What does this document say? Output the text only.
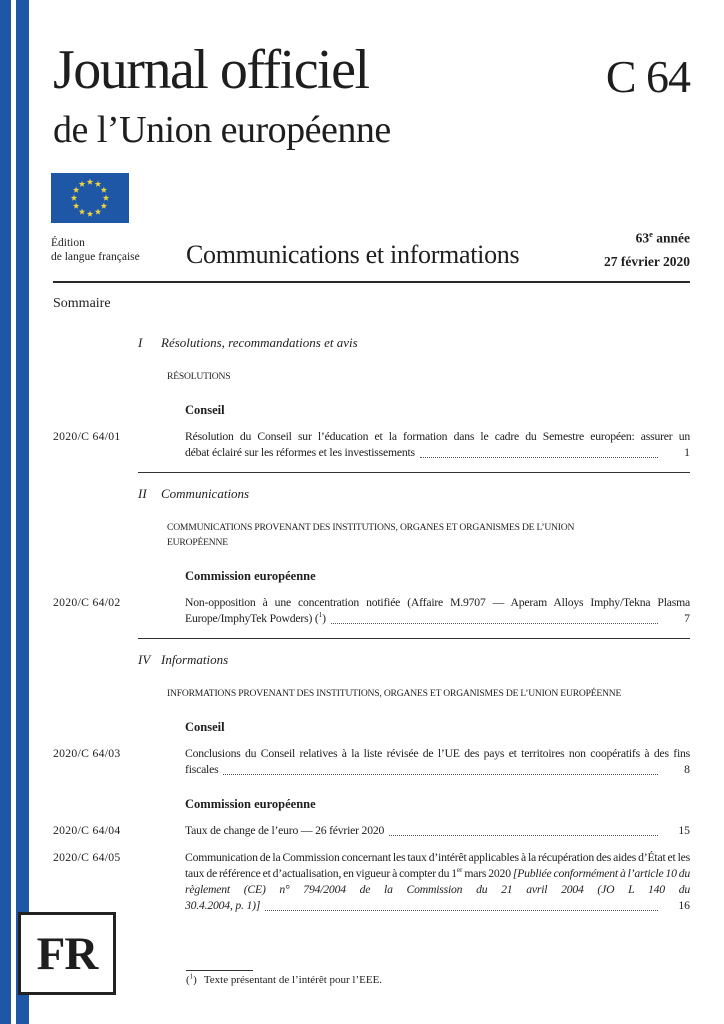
Journal officiel	C 64
de l’Union européenne
Édition
de langue française Communications et informations
63e année
27 février 2020
Sommaire
I	Résolutions, recommandations et avis
RÉSOLUTIONS
Conseil
2020/C 64/01	Résolution du Conseil sur l’éducation et la formation dans le cadre du Semestre européen: assurer un
débat éclairé sur les réformes et les investissements	1
II	Communications
COMMUNICATIONS PROVENANT DES INSTITUTIONS, ORGANES ET ORGANISMES DE L’UNION
EUROPÉENNE
Commission européenne
2020/C 64/02	Non-opposition à une concentration notifiée (Affaire M.9707 — Aperam Alloys Imphy/Tekna Plasma
Europe/ImphyTek Powders) ($^1$)	7
IV Informations
INFORMATIONS PROVENANT DES INSTITUTIONS, ORGANES ET ORGANISMES DE L’UNION EUROPÉENNE
Conseil
2020/C 64/03	Conclusions du Conseil relatives à la liste révisée de l’UE des pays et territoires non coopératifs à des fins
fiscales	8
Commission européenne
2020/C 64/04	Taux de change de l’euro — 26 février 2020	15
2020/C 64/05	Communication de la Commission concernant les taux d’intérêt applicables à la récupération des aides d’État et les taux de référence et d’actualisation, en vigueur à compter du 1er mars 2020 [Publiée conformément à l’article 10 du règlement (CE) n° 794/2004 de la Commission du 21 avril 2004 (JO L 140 du
30.4.2004, p. 1)]	16
FR
($^1$) Texte présentant de l’intérêt pour l’EEE.
